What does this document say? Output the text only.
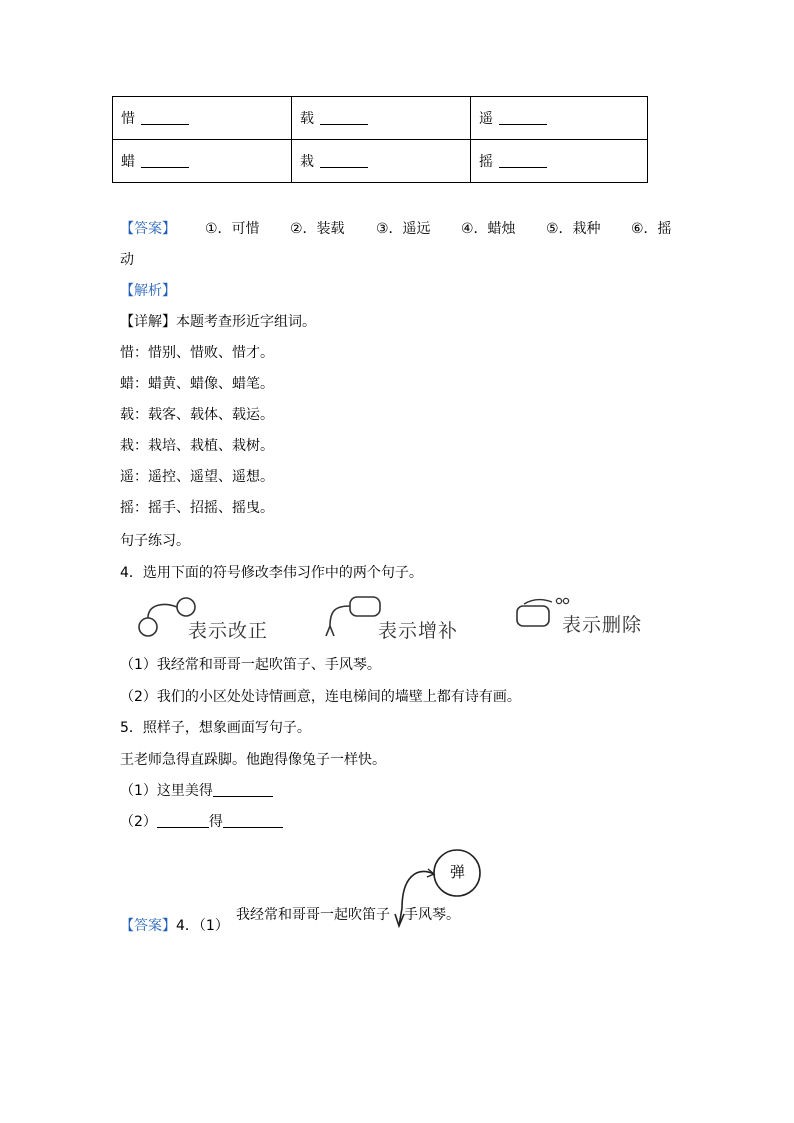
惜	载	遥
蜡	栽	摇
【答案】 ①．可惜 ②．装载 ③．遥远 ④．蜡烛 ⑤．栽种 ⑥．摇
动
【解析】
【详解】本题考查形近字组词。
惜：惜别、惜败、惜才。
蜡：蜡黄、蜡像、蜡笔。
载：载客、载体、载运。
栽：栽培、栽植、栽树。
遥：遥控、遥望、遥想。
摇：摇手、招摇、摇曳。
句子练习。
4．选用下面的符号修改李伟习作中的两个句子。
表示改正	表示增补	表示删除
（1）我经常和哥哥一起吹笛子、手风琴。
（2）我们的小区处处诗情画意，连电梯间的墙壁上都有诗有画。
5．照样子，想象画面写句子。
王老师急得直跺脚。他跑得像兔子一样快。
（1）这里美得
（2）	得
【答案】4．（1）
我经常和哥哥一起吹笛子 手风琴。
弹
